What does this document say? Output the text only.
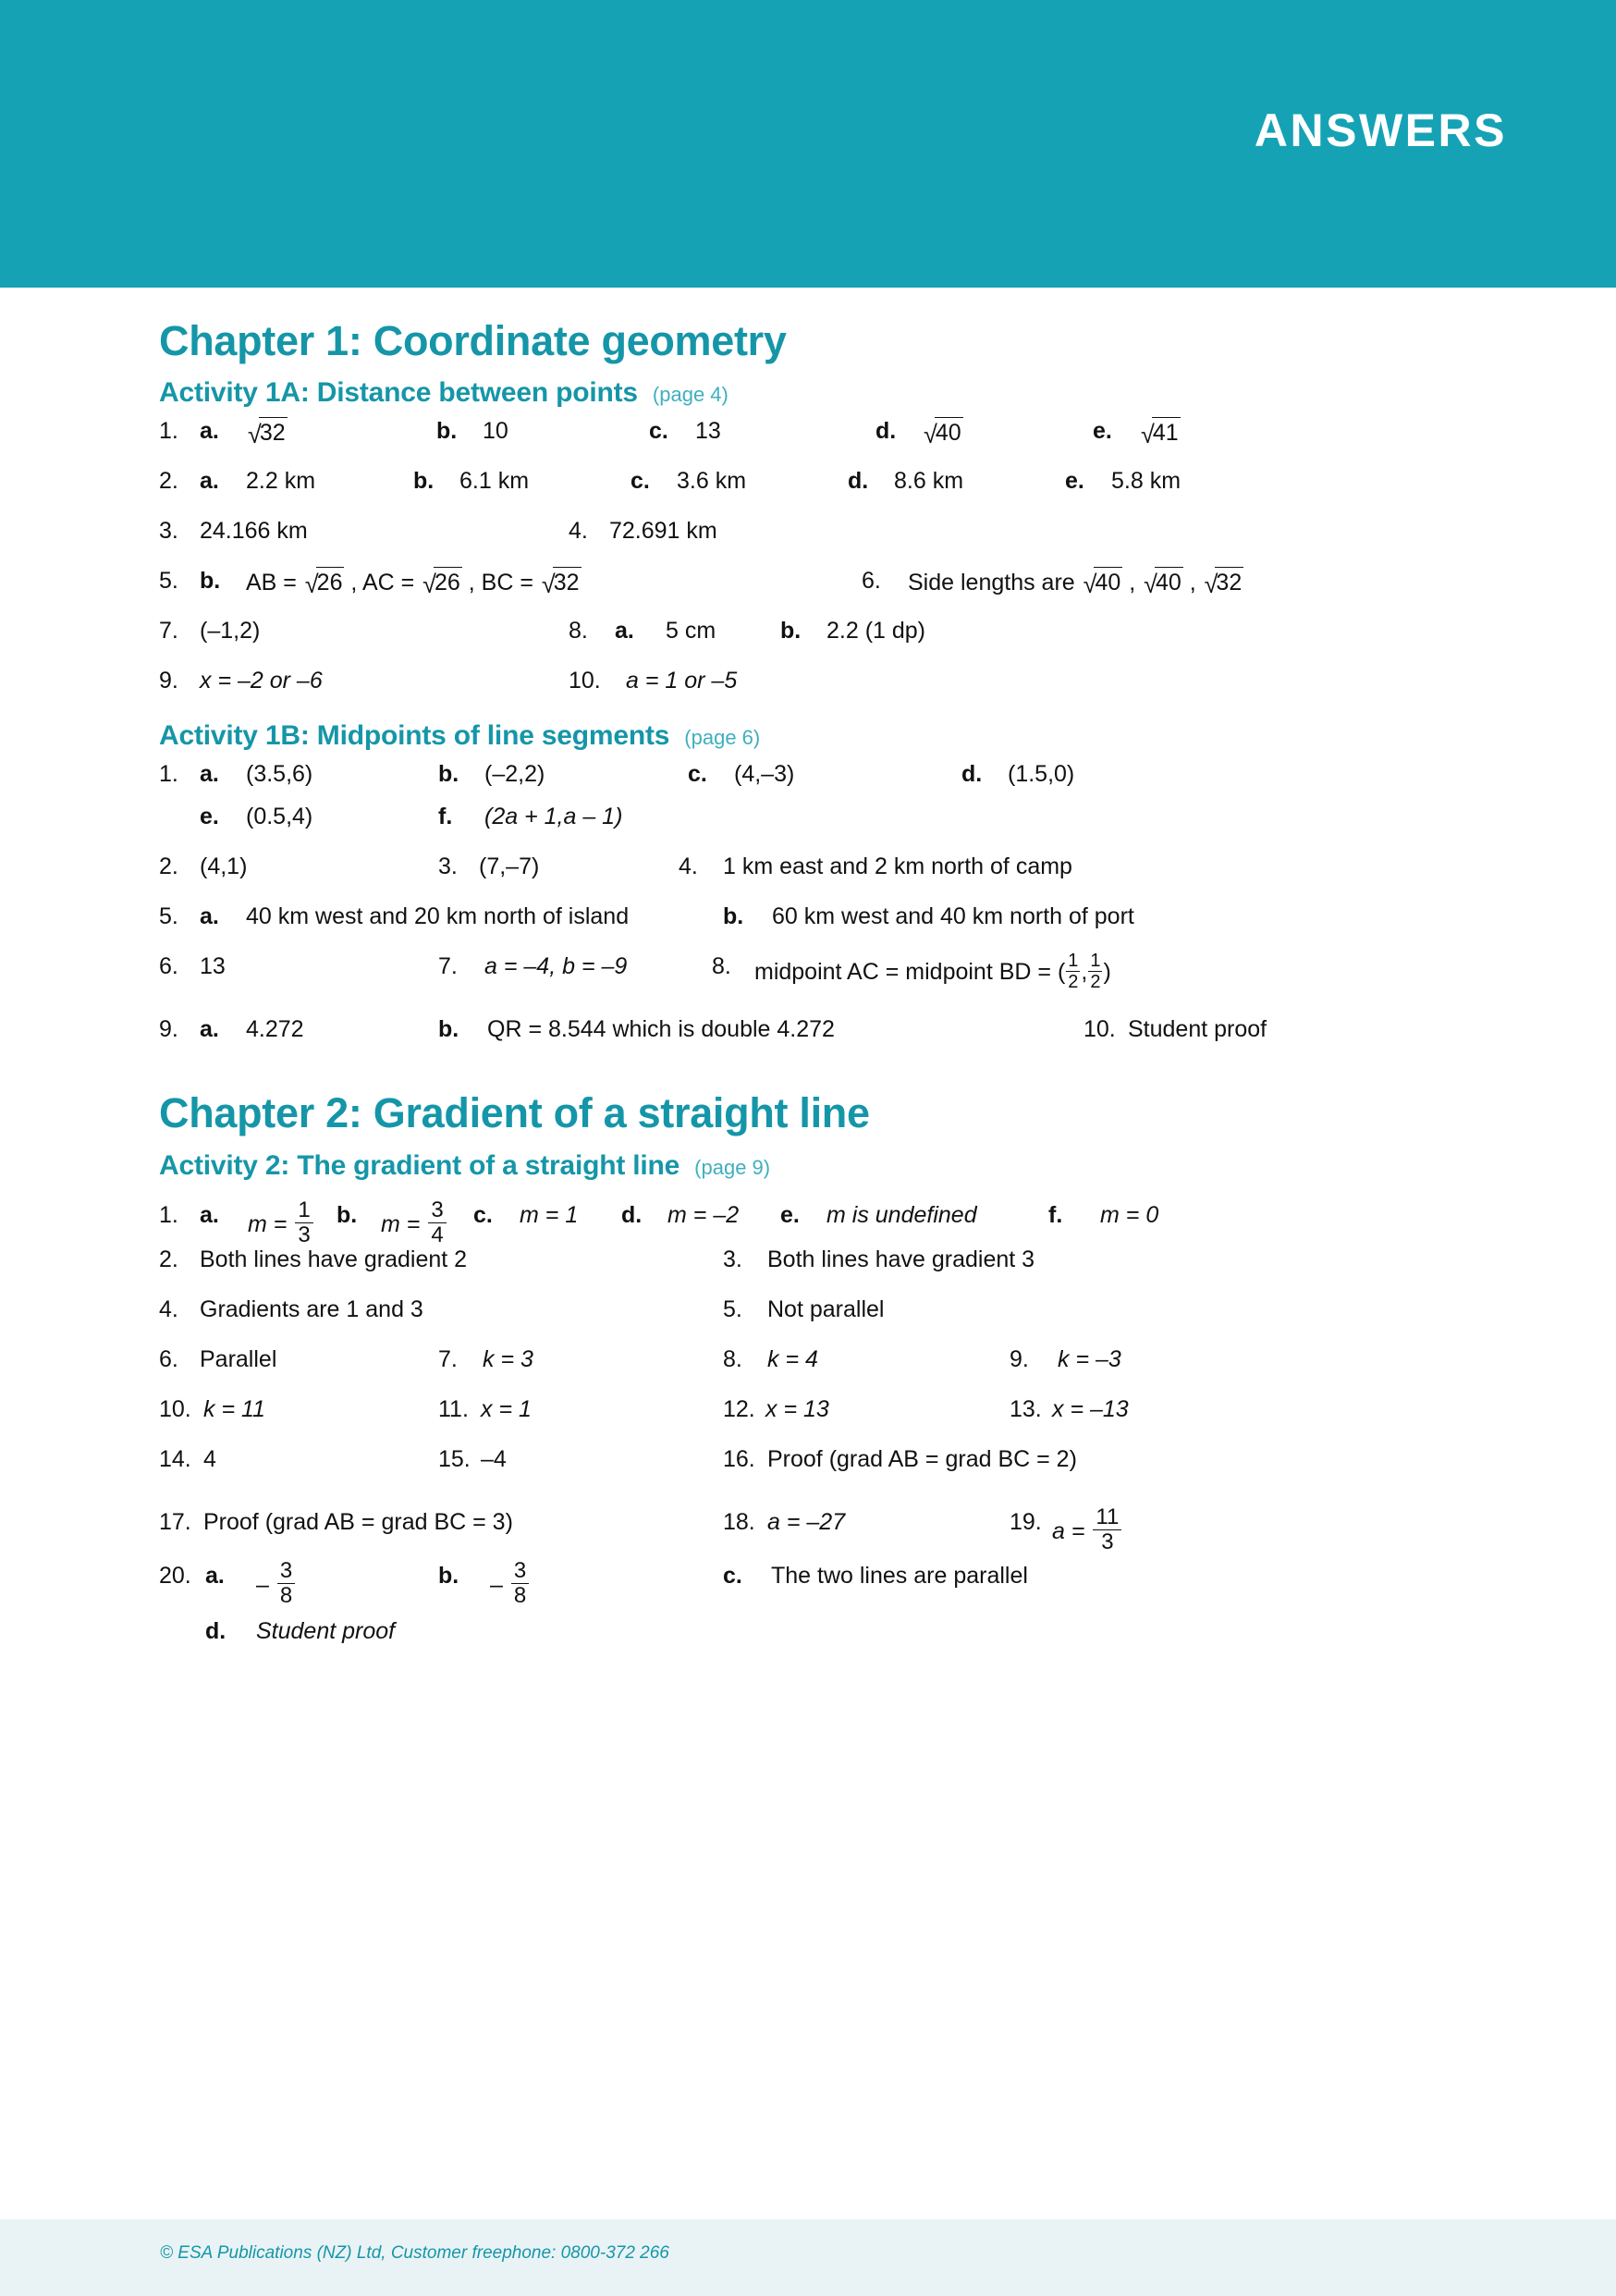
ANSWERS
Chapter 1: Coordinate geometry
Activity 1A: Distance between points (page 4)
1. a. √32	b. 10	c. 13	d. √40	e. √41
2. a. 2.2 km	b. 6.1 km	c. 3.6 km	d. 8.6 km	e. 5.8 km
3. 24.166 km	4. 72.691 km
5. b. AB = √26 , AC = √26 , BC = √32	6. Side lengths are √40 , √40 , √32
7. (–1,2)	8. a. 5 cm	b. 2.2 (1 dp)
9. x = –2 or –6	10. a = 1 or –5
Activity 1B: Midpoints of line segments (page 6)
1. a. (3.5,6)	b. (–2,2)	c. (4,–3)	d. (1.5,0)
e. (0.5,4)	f. (2a + 1,a – 1)
2. (4,1)	3. (7,–7)	4. 1 km east and 2 km north of camp
5. a. 40 km west and 20 km north of island	b. 60 km west and 40 km north of port
6. 13	7. a = –4, b = –9	8. midpoint AC = midpoint BD = ( $\frac{1}{2}$ , $\frac{1}{2}$ )
9. a. 4.272	b. QR = 8.544 which is double 4.272	10. Student proof
Chapter 2: Gradient of a straight line
Activity 2: The gradient of a straight line (page 9)
1. a. $m = \frac{1}{3} b$. $m = \frac{3}{4} c$. m = 1 d. m = –2 e. m is undefined	f. m = 0
2. Both lines have gradient 2	3. Both lines have gradient 3
4. Gradients are 1 and 3	5. Not parallel
6. Parallel	7. k = 3	8. k = 4	9. k = –3
10. k = 11	11. x = 1	12. x = 13	13. x = –13
14. 4	15. –4	16. Proof (grad AB = grad BC = 2)
17. Proof (grad AB = grad BC = 3)	18. a = –27	19. $a = \frac{11}{3}$
20. a. – $\frac{3}{8}$	b. – $\frac{3}{8}$	c. The two lines are parallel
d. Student proof
© ESA Publications (NZ) Ltd, Customer freephone: 0800-372 266
